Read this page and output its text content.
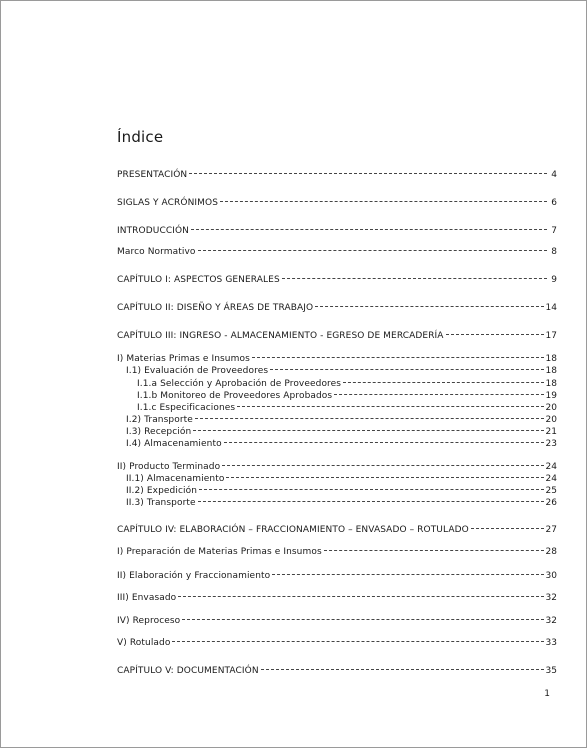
Índice
PRESENTACIÓN	4
SIGLAS Y ACRÓNIMOS	6
INTRODUCCIÓN	7
Marco Normativo	8
CAPÍTULO I: ASPECTOS GENERALES	9
CAPÍTULO II: DISEÑO Y ÁREAS DE TRABAJO	14
CAPÍTULO III: INGRESO - ALMACENAMIENTO - EGRESO DE MERCADERÍA	17
I) Materias Primas e Insumos	18
I.1) Evaluación de Proveedores	18
I.1.a Selección y Aprobación de Proveedores	18
I.1.b Monitoreo de Proveedores Aprobados	19
I.1.c Especificaciones	20
I.2) Transporte	20
I.3) Recepción	21
I.4) Almacenamiento	23
II) Producto Terminado	24
II.1) Almacenamiento	24
II.2) Expedición	25
II.3) Transporte	26
CAPÍTULO IV: ELABORACIÓN – FRACCIONAMIENTO – ENVASADO – ROTULADO	27
I) Preparación de Materias Primas e Insumos	28
II) Elaboración y Fraccionamiento	30
III) Envasado	32
IV) Reproceso	32
V) Rotulado	33
CAPÍTULO V: DOCUMENTACIÓN	35
1
